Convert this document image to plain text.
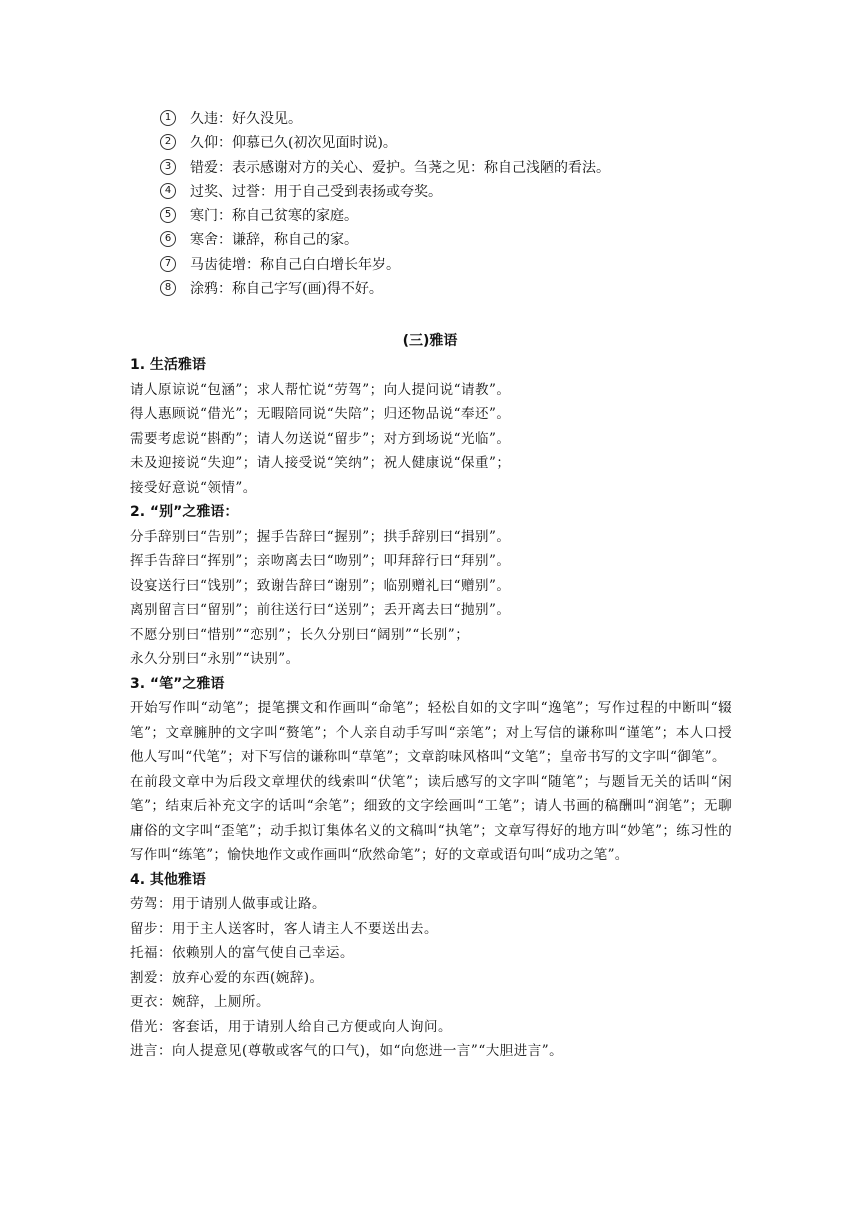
1 久违：好久没见。
2 久仰：仰慕已久(初次见面时说)。
3 错爱：表示感谢对方的关心、爱护。刍荛之见：称自己浅陋的看法。
4 过奖、过誉：用于自己受到表扬或夸奖。
5 寒门：称自己贫寒的家庭。
6 寒舍：谦辞，称自己的家。
7 马齿徒增：称自己白白增长年岁。
8 涂鸦：称自己字写(画)得不好。
(三)雅语
1. 生活雅语
请人原谅说“包涵”；求人帮忙说“劳驾”；向人提问说“请教”。
得人惠顾说“借光”；无暇陪同说“失陪”；归还物品说“奉还”。
需要考虑说“斟酌”；请人勿送说“留步”；对方到场说“光临”。
未及迎接说“失迎”；请人接受说“笑纳”；祝人健康说“保重”；
接受好意说“领情”。
2. “别”之雅语：
分手辞别曰“告别”；握手告辞曰“握别”；拱手辞别曰“揖别”。
挥手告辞曰“挥别”；亲吻离去曰“吻别”；叩拜辞行曰“拜别”。
设宴送行曰“饯别”；致谢告辞曰“谢别”；临别赠礼曰“赠别”。
离别留言曰“留别”；前往送行曰“送别”；丢开离去曰“抛别”。
不愿分别曰“惜别”“恋别”；长久分别曰“阔别”“长别”；
永久分别曰“永别”“诀别”。
3. “笔”之雅语

开始写作叫“动笔”；提笔撰文和作画叫“命笔”；轻松自如的文字叫“逸笔”；写作过程的中断叫“辍笔”；文章臃肿的文字叫“赘笔”；个人亲自动手写叫“亲笔”；对上写信的谦称叫“谨笔”；本人口授他人写叫“代笔”；对下写信的谦称叫“草笔”；文章韵味风格叫“文笔”；皇帝书写的文字叫“御笔”。

在前段文章中为后段文章埋伏的线索叫“伏笔”；读后感写的文字叫“随笔”；与题旨无关的话叫“闲笔”；结束后补充文字的话叫“余笔”；细致的文字绘画叫“工笔”；请人书画的稿酬叫“润笔”；无聊庸俗的文字叫“歪笔”；动手拟订集体名义的文稿叫“执笔”；文章写得好的地方叫“妙笔”；练习性的写作叫“练笔”；愉快地作文或作画叫“欣然命笔”；好的文章或语句叫“成功之笔”。

4. 其他雅语
劳驾：用于请别人做事或让路。
留步：用于主人送客时，客人请主人不要送出去。
托福：依赖别人的富气使自己幸运。
割爱：放弃心爱的东西(婉辞)。
更衣：婉辞，上厕所。
借光：客套话，用于请别人给自己方便或向人询问。
进言：向人提意见(尊敬或客气的口气)，如“向您进一言”“大胆进言”。
